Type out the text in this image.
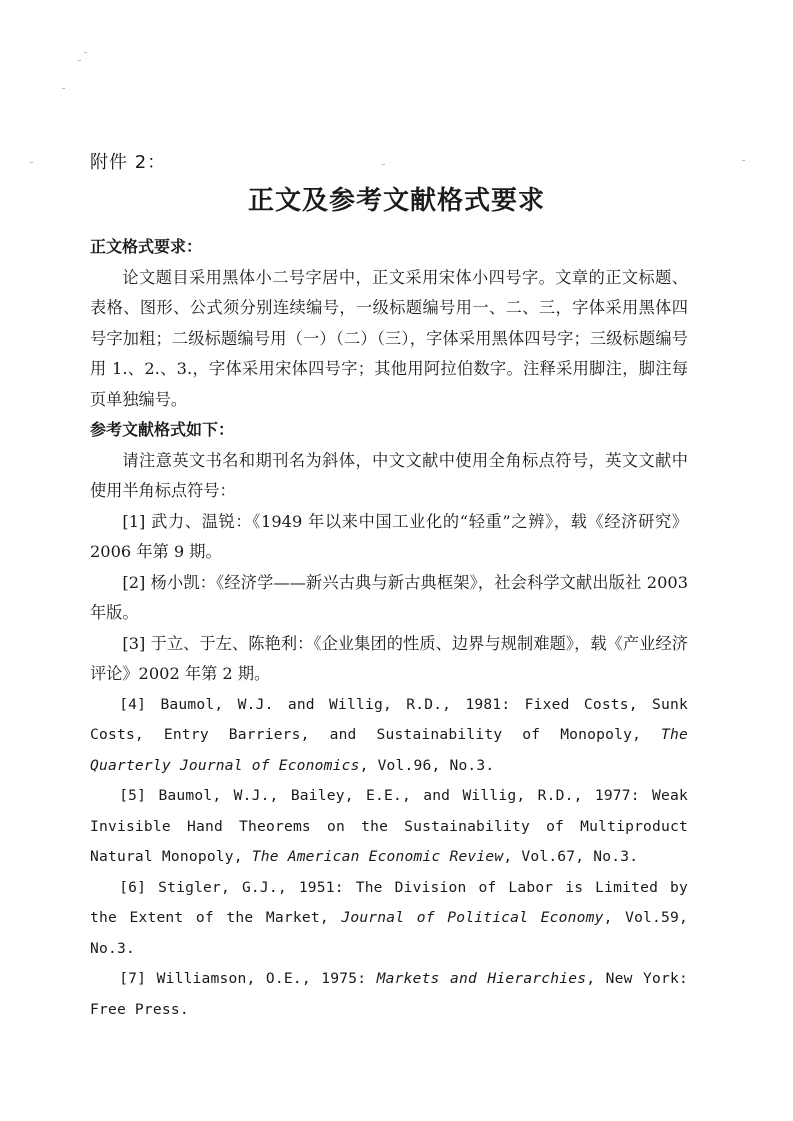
附件 2：
正文及参考文献格式要求

正文格式要求：

论文题目采用黑体小二号字居中，正文采用宋体小四号字。文章的正文标题、表格、图形、公式须分别连续编号，一级标题编号用一、二、三，字体采用黑体四号字加粗；二级标题编号用（一）（二）（三），字体采用黑体四号字；三级标题编号用 1.、2.、3.，字体采用宋体四号字；其他用阿拉伯数字。注释采用脚注，脚注每页单独编号。

参考文献格式如下：

请注意英文书名和期刊名为斜体，中文文献中使用全角标点符号，英文文献中使用半角标点符号：

[1] 武力、温锐：《1949 年以来中国工业化的“轻重”之辨》，载《经济研究》2006 年第 9 期。

[2] 杨小凯：《经济学——新兴古典与新古典框架》，社会科学文献出版社 2003 年版。

[3] 于立、于左、陈艳利：《企业集团的性质、边界与规制难题》，载《产业经济评论》2002 年第 2 期。

[4] Baumol, W.J. and Willig, R.D., 1981: Fixed Costs, Sunk Costs, Entry Barriers, and Sustainability of Monopoly, The Quarterly Journal of Economics, Vol.96, No.3.

[5] Baumol, W.J., Bailey, E.E., and Willig, R.D., 1977: Weak Invisible Hand Theorems on the Sustainability of Multiproduct Natural Monopoly, The American Economic Review, Vol.67, No.3.

[6] Stigler, G.J., 1951: The Division of Labor is Limited by the Extent of the Market, Journal of Political Economy, Vol.59, No.3.

[7] Williamson, O.E., 1975: Markets and Hierarchies, New York: Free Press.
